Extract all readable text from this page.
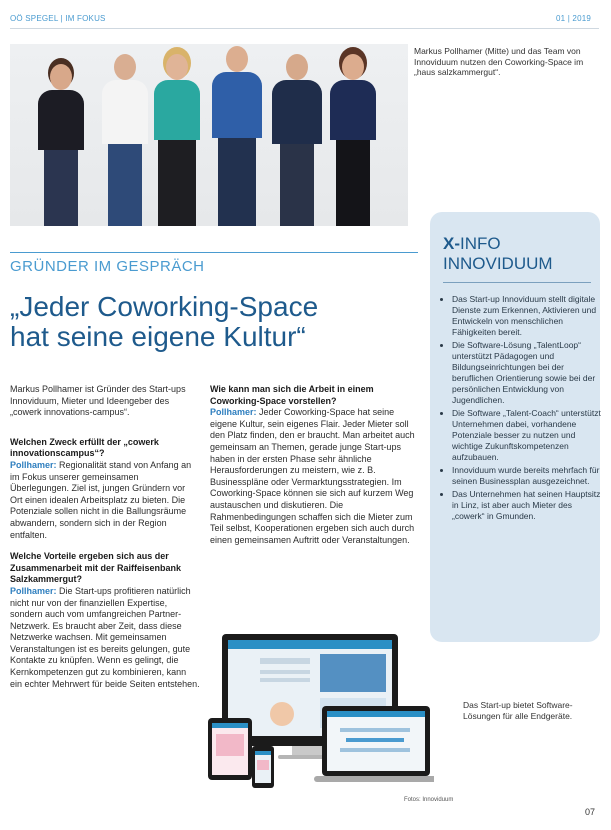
OÖ SPEGEL | IM FOKUS	01 | 2019
Markus Pollhamer (Mitte) und das Team von Innoviduum nutzen den Coworking-Space im „haus salzkammergut“.
X-INFO
INNOVIDUUM
• Das Start-up Innoviduum stellt digitale Dienste zum Erkennen, Aktivieren und Entwickeln von menschlichen Fähigkeiten bereit.
• Die Software-Lösung „TalentLoop“ unterstützt Pädagogen und Bildungseinrichtungen bei der beruflichen Orientierung sowie bei der persönlichen Entwicklung von Jugendlichen.
• Die Software „Talent-Coach“ unterstützt Unternehmen dabei, vorhandene Potenziale besser zu nutzen und wichtige Zukunftskompetenzen aufzubauen.
• Innoviduum wurde bereits mehrfach für seinen Businessplan ausgezeichnet.
• Das Unternehmen hat seinen Hauptsitz in Linz, ist aber auch Mieter des „cowerk“ in Gmunden.
GRÜNDER IM GESPRÄCH
„Jeder Coworking-Space
hat seine eigene Kultur“

Markus Pollhamer ist Gründer des Start-ups Innoviduum, Mieter und Ideengeber des „cowerk innovations-campus“.

Welchen Zweck erfüllt der „cowerk innovationscampus“?
Pollhamer: Regionalität stand von Anfang an im Fokus unserer gemeinsamen Überlegungen. Ziel ist, jungen Gründern vor Ort einen idealen Arbeitsplatz zu bieten. Die Potenziale sollen nicht in die Ballungsräume abwandern, sondern sich in der Region entfalten.

Welche Vorteile ergeben sich aus der Zusammenarbeit mit der Raiffeisenbank Salzkammergut?
Pollhamer: Die Start-ups profitieren natürlich nicht nur von der finanziellen Expertise, sondern auch vom umfangreichen Partner-Netzwerk. Es braucht aber Zeit, dass diese Netzwerke wachsen. Mit gemeinsamen Veranstaltungen ist es bereits gelungen, gute Kontakte zu knüpfen. Wenn es gelingt, die Kernkompetenzen gut zu kombinieren, kann ein echter Mehrwert für beide Seiten entstehen.

Wie kann man sich die Arbeit in einem Coworking-Space vorstellen?
Pollhamer: Jeder Coworking-Space hat seine eigene Kultur, sein eigenes Flair. Jeder Mieter soll den Platz finden, den er braucht. Man arbeitet auch gemeinsam an Themen, gerade junge Start-ups haben in der ersten Phase sehr ähnliche Herausforderungen zu meistern, wie z. B. Businesspläne oder Vermarktungsstrategien. Im Coworking-Space können sie sich auf kurzem Weg austauschen und diskutieren. Die Rahmenbedingungen schaffen sich die Mieter zum Teil selbst, Kooperationen ergeben sich auch durch einen gemeinsamen Auftritt oder Veranstaltungen.

Das Start-up bietet Software-Lösungen für alle Endgeräte.
Fotos: Innoviduum
07
